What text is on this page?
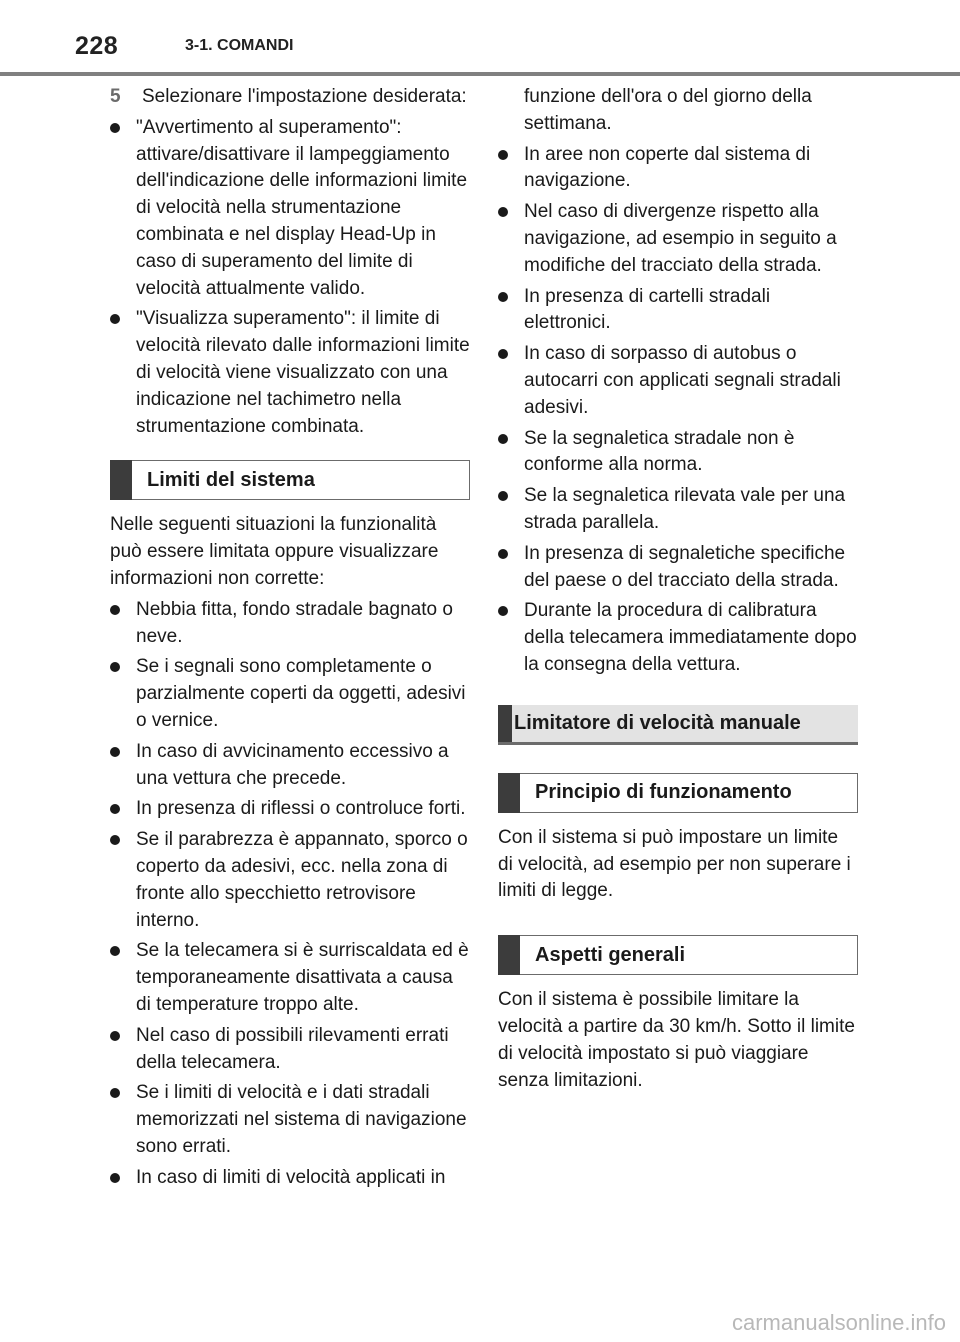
228	3-1. COMANDI
5	Selezionare l'impostazione desiderata:
"Avvertimento al superamento": attivare/disattivare il lampeggiamento dell'indicazione delle informazioni limite di velocità nella strumentazione combinata e nel display Head-Up in caso di superamento del limite di velocità attualmente valido.
"Visualizza superamento": il limite di velocità rilevato dalle informazioni limite di velocità viene visualizzato con una indicazione nel tachimetro nella strumentazione combinata.
Limiti del sistema
Nelle seguenti situazioni la funzionalità può essere limitata oppure visualizzare informazioni non corrette:
Nebbia fitta, fondo stradale bagnato o neve.
Se i segnali sono completamente o parzialmente coperti da oggetti, adesivi o vernice.
In caso di avvicinamento eccessivo a una vettura che precede.
In presenza di riflessi o controluce forti.
Se il parabrezza è appannato, sporco o coperto da adesivi, ecc. nella zona di fronte allo specchietto retrovisore interno.
Se la telecamera si è surriscaldata ed è temporaneamente disattivata a causa di temperature troppo alte.
Nel caso di possibili rilevamenti errati della telecamera.
Se i limiti di velocità e i dati stradali memorizzati nel sistema di navigazione sono errati.
In caso di limiti di velocità applicati in
funzione dell'ora o del giorno della settimana.
In aree non coperte dal sistema di navigazione.
Nel caso di divergenze rispetto alla navigazione, ad esempio in seguito a modifiche del tracciato della strada.
In presenza di cartelli stradali elettronici.
In caso di sorpasso di autobus o autocarri con applicati segnali stradali adesivi.
Se la segnaletica stradale non è conforme alla norma.
Se la segnaletica rilevata vale per una strada parallela.
In presenza di segnaletiche specifiche del paese o del tracciato della strada.
Durante la procedura di calibratura della telecamera immediatamente dopo la consegna della vettura.
Limitatore di velocità manuale
Principio di funzionamento
Con il sistema si può impostare un limite di velocità, ad esempio per non superare i limiti di legge.
Aspetti generali
Con il sistema è possibile limitare la velocità a partire da 30 km/h. Sotto il limite di velocità impostato si può viaggiare senza limitazioni.
carmanualsonline.info
